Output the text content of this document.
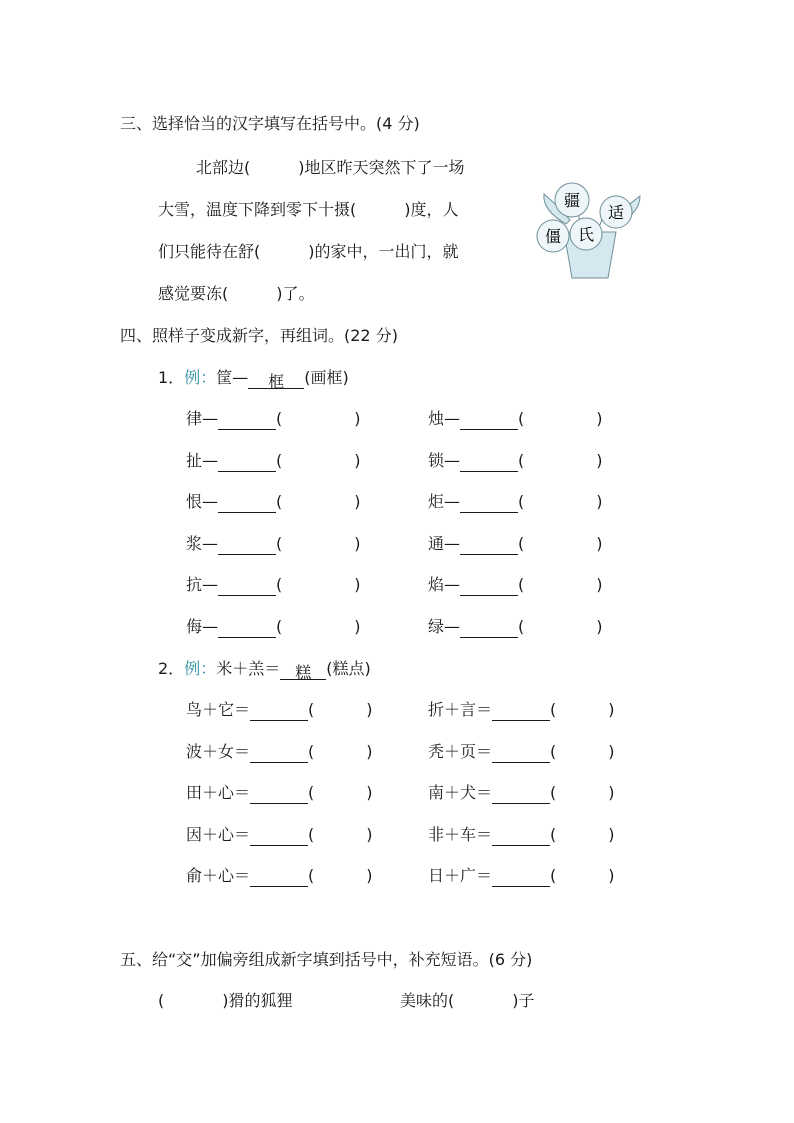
三、选择恰当的汉字填写在括号中。(4 分)
北部边(　　　)地区昨天突然下了一场
大雪，温度下降到零下十摄(　　　)度，人
们只能待在舒(　　　)的家中，一出门，就
感觉要冻(　　　)了。
疆
适
僵 氏
四、照样子变成新字，再组词。(22 分)
1．例：筐— 框 (画框)
律—	(	)	烛—	(	)
扯—	(	)	锁—	(	)
恨—	(	)	炬—	(	)
浆—	(	)	通—	(	)
抗—	(	)	焰—	(	)
侮—	(	)	绿—	(	)
2．例：米＋羔＝ 糕 (糕点)
鸟＋它＝	(	)	折＋言＝	(	)
波＋女＝	(	)	秃＋页＝	(	)
田＋心＝	(	)	南＋犬＝	(	)
因＋心＝	(	)	非＋车＝	(	)
俞＋心＝	(	)	日＋广＝	(	)
五、给“交”加偏旁组成新字填到括号中，补充短语。(6 分)
(	)猾的狐狸	美味的(	)子
